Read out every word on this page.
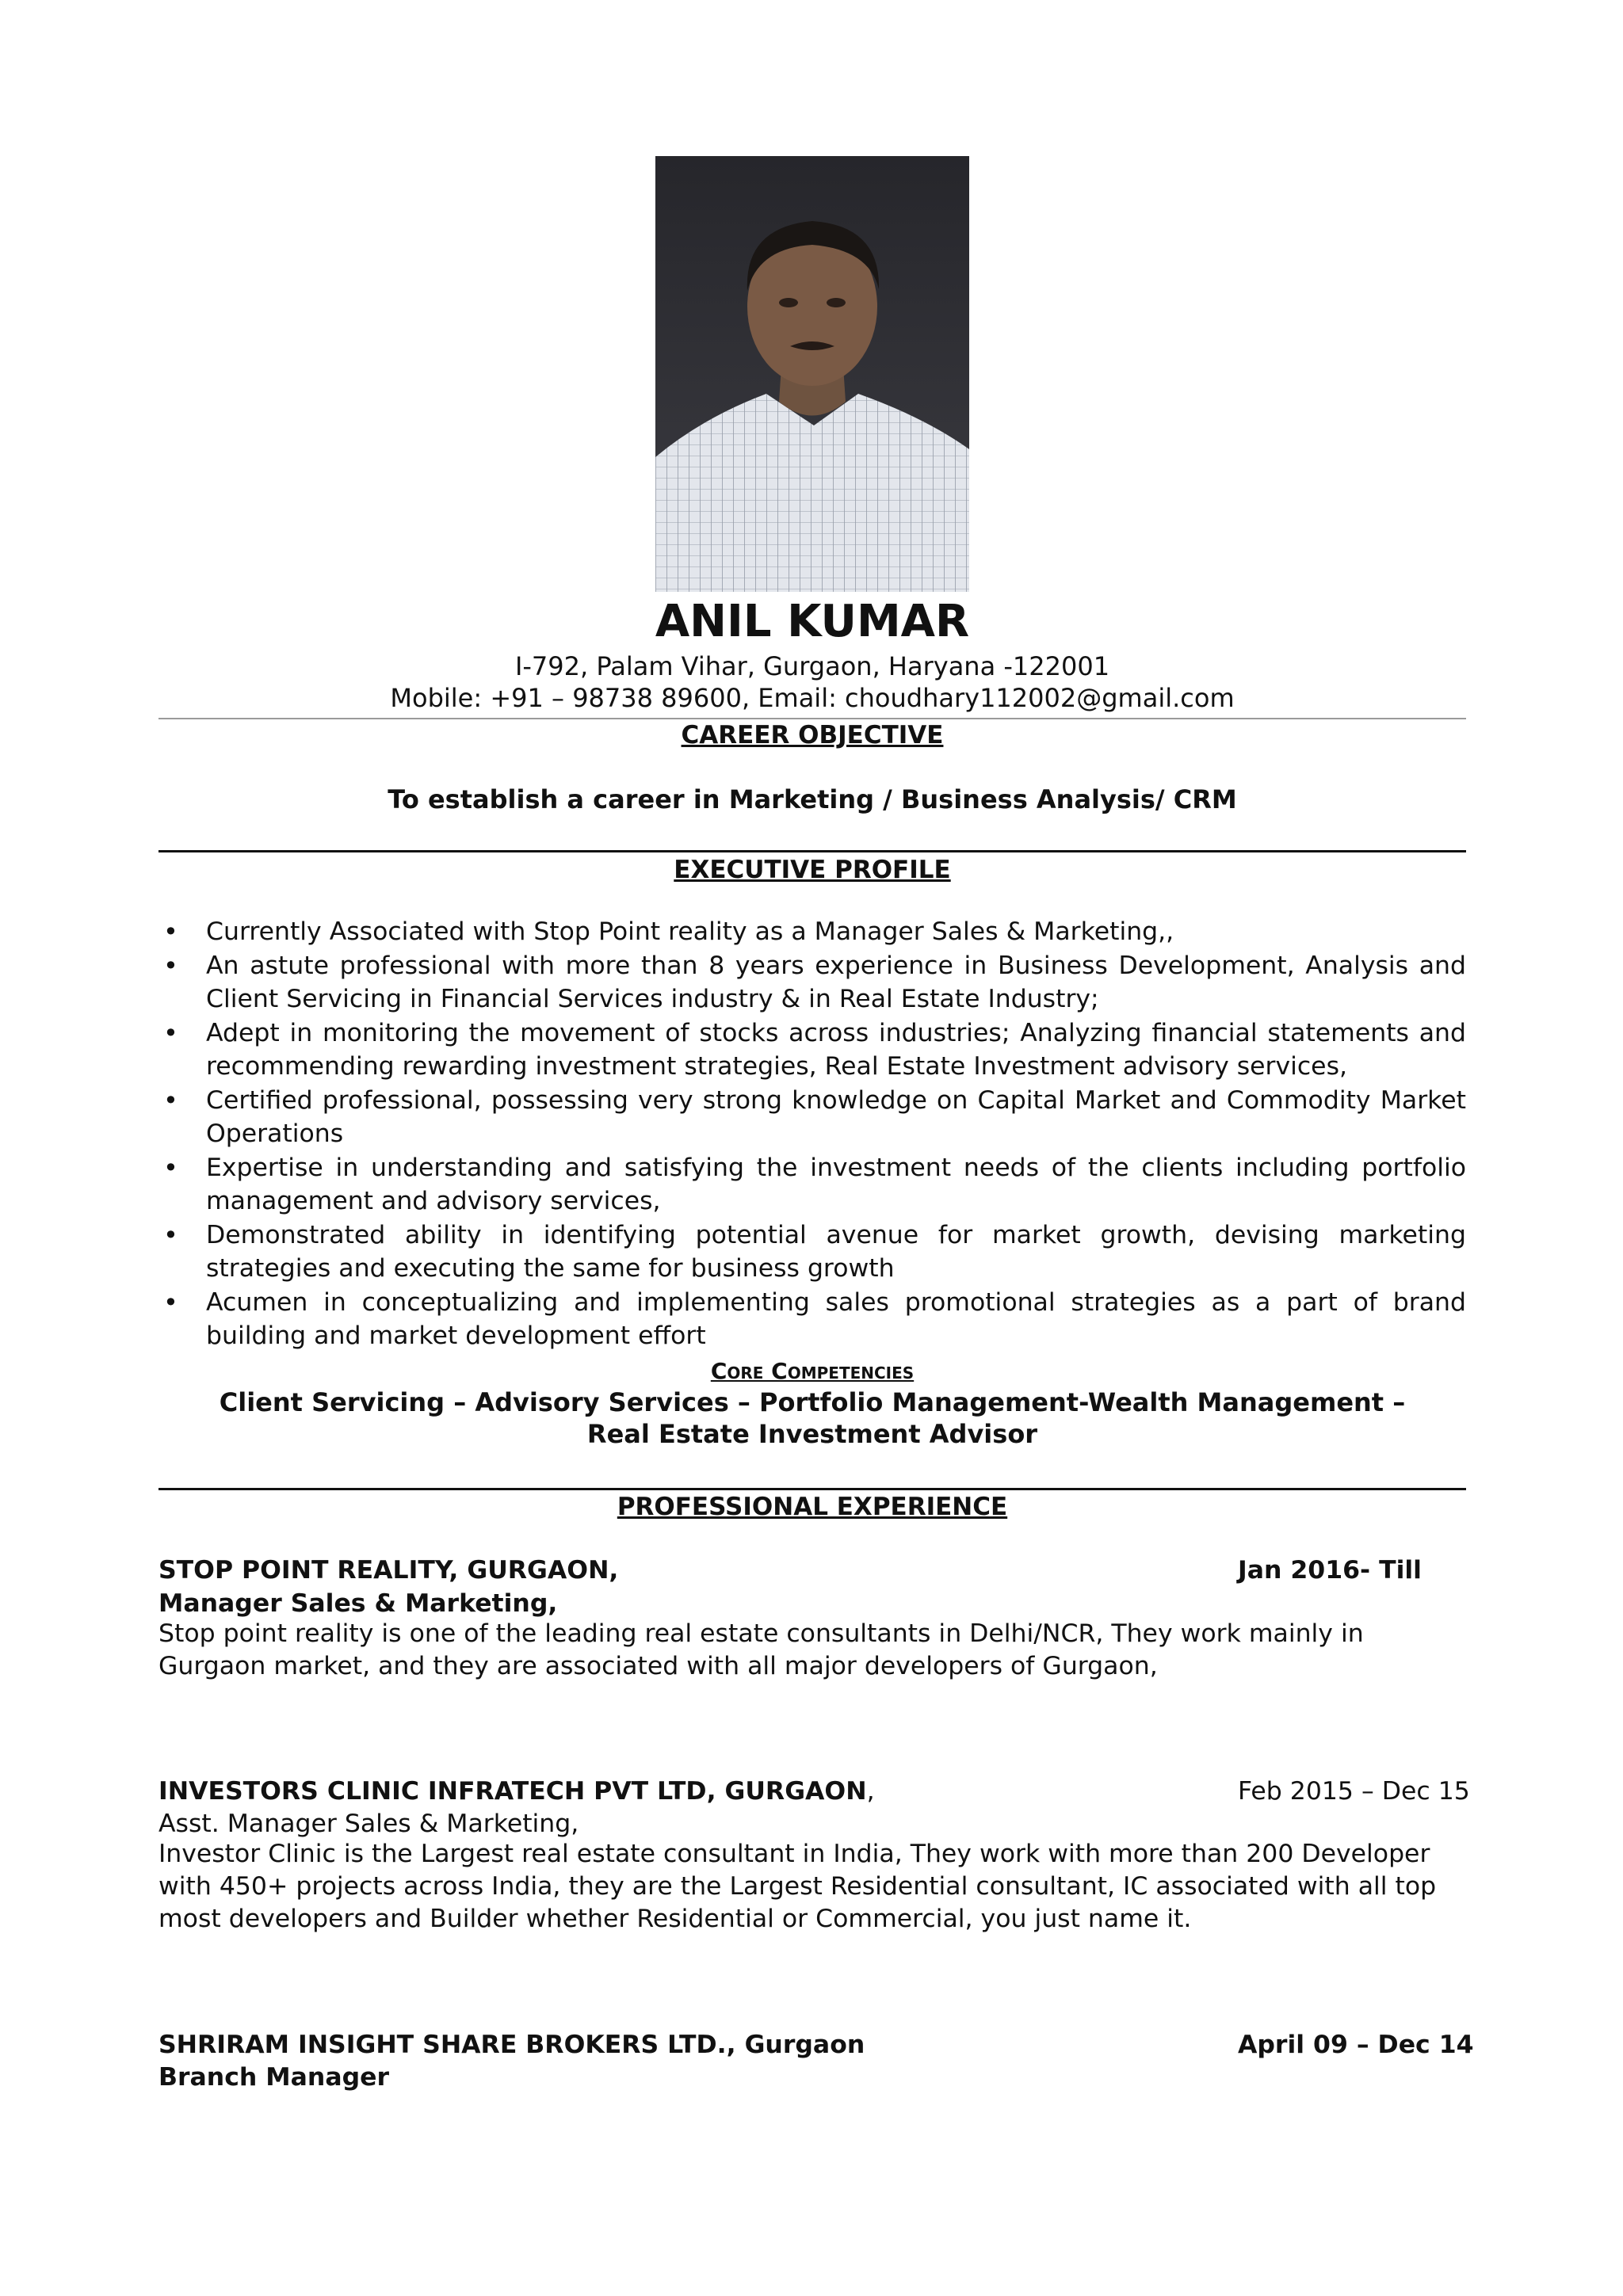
ANIL KUMAR
I-792, Palam Vihar, Gurgaon, Haryana -122001
Mobile: +91 – 98738 89600, Email: choudhary112002@gmail.com
CAREER OBJECTIVE
To establish a career in Marketing / Business Analysis/ CRM
EXECUTIVE PROFILE
• Currently Associated with Stop Point reality as a Manager Sales & Marketing,,
• An astute professional with more than 8 years experience in Business Development, Analysis and Client Servicing in Financial Services industry & in Real Estate Industry;
• Adept in monitoring the movement of stocks across industries; Analyzing financial statements and recommending rewarding investment strategies, Real Estate Investment advisory services,
• Certified professional, possessing very strong knowledge on Capital Market and Commodity Market Operations
• Expertise in understanding and satisfying the investment needs of the clients including portfolio management and advisory services,
• Demonstrated ability in identifying potential avenue for market growth, devising marketing strategies and executing the same for business growth
• Acumen in conceptualizing and implementing sales promotional strategies as a part of brand building and market development effort
Core Competencies
Client Servicing – Advisory Services – Portfolio Management-Wealth Management – Real Estate Investment Advisor
PROFESSIONAL EXPERIENCE
STOP POINT REALITY, GURGAON,	Jan 2016- Till
Manager Sales & Marketing,
Stop point reality is one of the leading real estate consultants in Delhi/NCR, They work mainly in Gurgaon market, and they are associated with all major developers of Gurgaon,
INVESTORS CLINIC INFRATECH PVT LTD, GURGAON,	Feb 2015 – Dec 15
Asst. Manager Sales & Marketing,
Investor Clinic is the Largest real estate consultant in India, They work with more than 200 Developer with 450+ projects across India, they are the Largest Residential consultant, IC associated with all top most developers and Builder whether Residential or Commercial, you just name it.
SHRIRAM INSIGHT SHARE BROKERS LTD., Gurgaon	April 09 – Dec 14
Branch Manager
